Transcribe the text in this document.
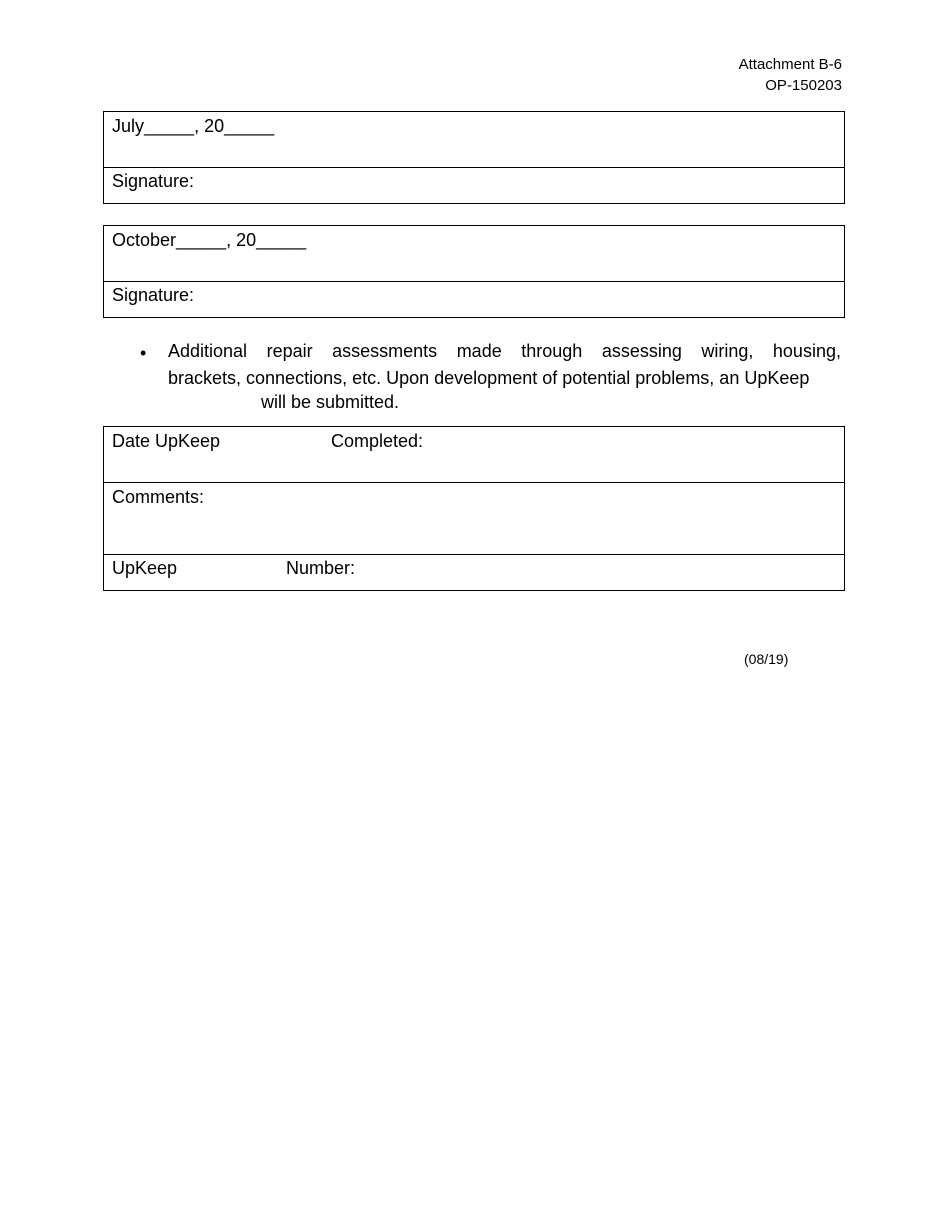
Attachment B-6
OP-150203
July_____, 20_____
Signature:
October_____, 20_____
Signature:
• Additional repair assessments made through assessing wiring, housing,
brackets, connections, etc. Upon development of potential problems, an UpKeep
will be submitted.
Date UpKeep	Completed:
Comments:
UpKeep	Number:
(08/19)
